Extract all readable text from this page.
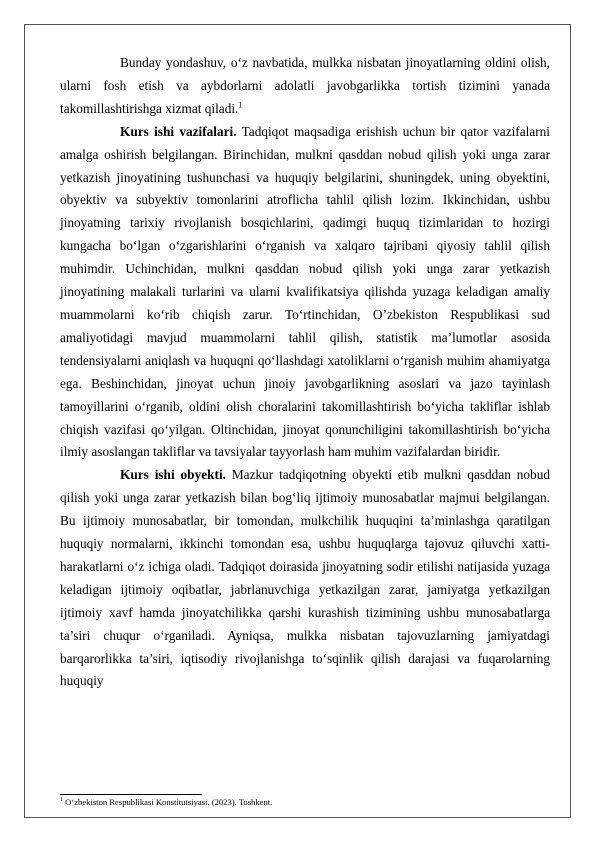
Bunday yondashuv, o‘z navbatida, mulkka nisbatan jinoyatlarning oldini olish, ularni fosh etish va aybdorlarni adolatli javobgarlikka tortish tizimini yanada takomillashtirishga xizmat qiladi.$^1$

Kurs ishi vazifalari. Tadqiqot maqsadiga erishish uchun bir qator vazifalarni amalga oshirish belgilangan. Birinchidan, mulkni qasddan nobud qilish yoki unga zarar yetkazish jinoyatining tushunchasi va huquqiy belgilarini, shuningdek, uning obyektini, obyektiv va subyektiv tomonlarini atroflicha tahlil qilish lozim. Ikkinchidan, ushbu jinoyatning tarixiy rivojlanish bosqichlarini, qadimgi huquq tizimlaridan to hozirgi kungacha bo‘lgan o‘zgarishlarini o‘rganish va xalqaro tajribani qiyosiy tahlil qilish muhimdir. Uchinchidan, mulkni qasddan nobud qilish yoki unga zarar yetkazish jinoyatining malakali turlarini va ularni kvalifikatsiya qilishda yuzaga keladigan amaliy muammolarni ko‘rib chiqish zarur. To‘rtinchidan, O’zbekiston Respublikasi sud amaliyotidagi mavjud muammolarni tahlil qilish, statistik ma’lumotlar asosida tendensiyalarni aniqlash va huquqni qo‘llashdagi xatoliklarni o‘rganish muhim ahamiyatga ega. Beshinchidan, jinoyat uchun jinoiy javobgarlikning asoslari va jazo tayinlash tamoyillarini o‘rganib, oldini olish choralarini takomillashtirish bo‘yicha takliflar ishlab chiqish vazifasi qo‘yilgan. Oltinchidan, jinoyat qonunchiligini takomillashtirish bo‘yicha ilmiy asoslangan takliflar va tavsiyalar tayyorlash ham muhim vazifalardan biridir.

Kurs ishi obyekti. Mazkur tadqiqotning obyekti etib mulkni qasddan nobud qilish yoki unga zarar yetkazish bilan bog‘liq ijtimoiy munosabatlar majmui belgilangan. Bu ijtimoiy munosabatlar, bir tomondan, mulkchilik huquqini ta’minlashga qaratilgan huquqiy normalarni, ikkinchi tomondan esa, ushbu huquqlarga tajovuz qiluvchi xatti-harakatlarni o‘z ichiga oladi. Tadqiqot doirasida jinoyatning sodir etilishi natijasida yuzaga keladigan ijtimoiy oqibatlar, jabrlanuvchiga yetkazilgan zarar, jamiyatga yetkazilgan ijtimoiy xavf hamda jinoyatchilikka qarshi kurashish tizimining ushbu munosabatlarga ta’siri chuqur o‘rganiladi. Ayniqsa, mulkka nisbatan tajovuzlarning jamiyatdagi barqarorlikka ta’siri, iqtisodiy rivojlanishga to‘sqinlik qilish darajasi va fuqarolarning huquqiy

$^1$ O‘zbekiston Respublikasi Konstitutsiyasi. (2023). Toshkent.
